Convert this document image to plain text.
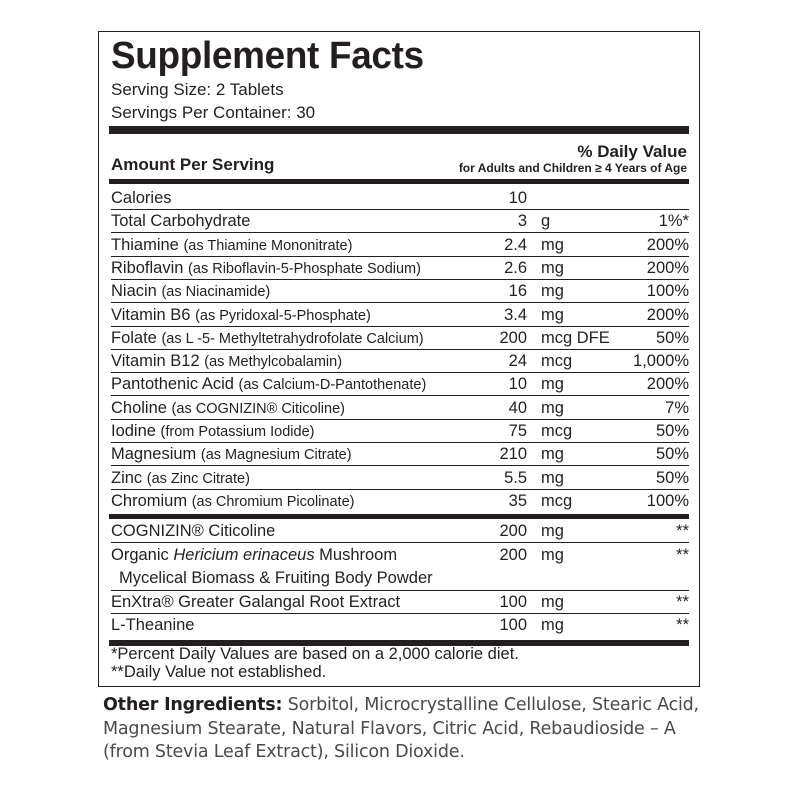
Supplement Facts
Serving Size: 2 Tablets
Servings Per Container: 30
Amount Per Serving
% Daily Value
for Adults and Children ≥ 4 Years of Age
Calories	10
Total Carbohydrate	3 g	1%*
Thiamine (as Thiamine Mononitrate)	2.4 mg	200%
Riboflavin (as Riboflavin-5-Phosphate Sodium)	2.6 mg	200%
Niacin (as Niacinamide)	16 mg	100%
Vitamin B6 (as Pyridoxal-5-Phosphate)	3.4 mg	200%
Folate (as L -5- Methyltetrahydrofolate Calcium)	200 mcg DFE	50%
Vitamin B12 (as Methylcobalamin)	24 mcg	1,000%
Pantothenic Acid (as Calcium-D-Pantothenate)	10 mg	200%
Choline (as COGNIZIN® Citicoline)	40 mg	7%
Iodine (from Potassium Iodide)	75 mcg	50%
Magnesium (as Magnesium Citrate)	210 mg	50%
Zinc (as Zinc Citrate)	5.5 mg	50%
Chromium (as Chromium Picolinate)	35 mcg	100%
COGNIZIN® Citicoline	200 mg	**
Organic Hericium erinaceus Mushroom
Mycelical Biomass & Fruiting Body Powder
200 mg	**
EnXtra® Greater Galangal Root Extract	100 mg	**
L-Theanine	100 mg	**
*Percent Daily Values are based on a 2,000 calorie diet.
**Daily Value not established.
Other Ingredients: Sorbitol, Microcrystalline Cellulose, Stearic Acid, Magnesium Stearate, Natural Flavors, Citric Acid, Rebaudioside – A (from Stevia Leaf Extract), Silicon Dioxide.
